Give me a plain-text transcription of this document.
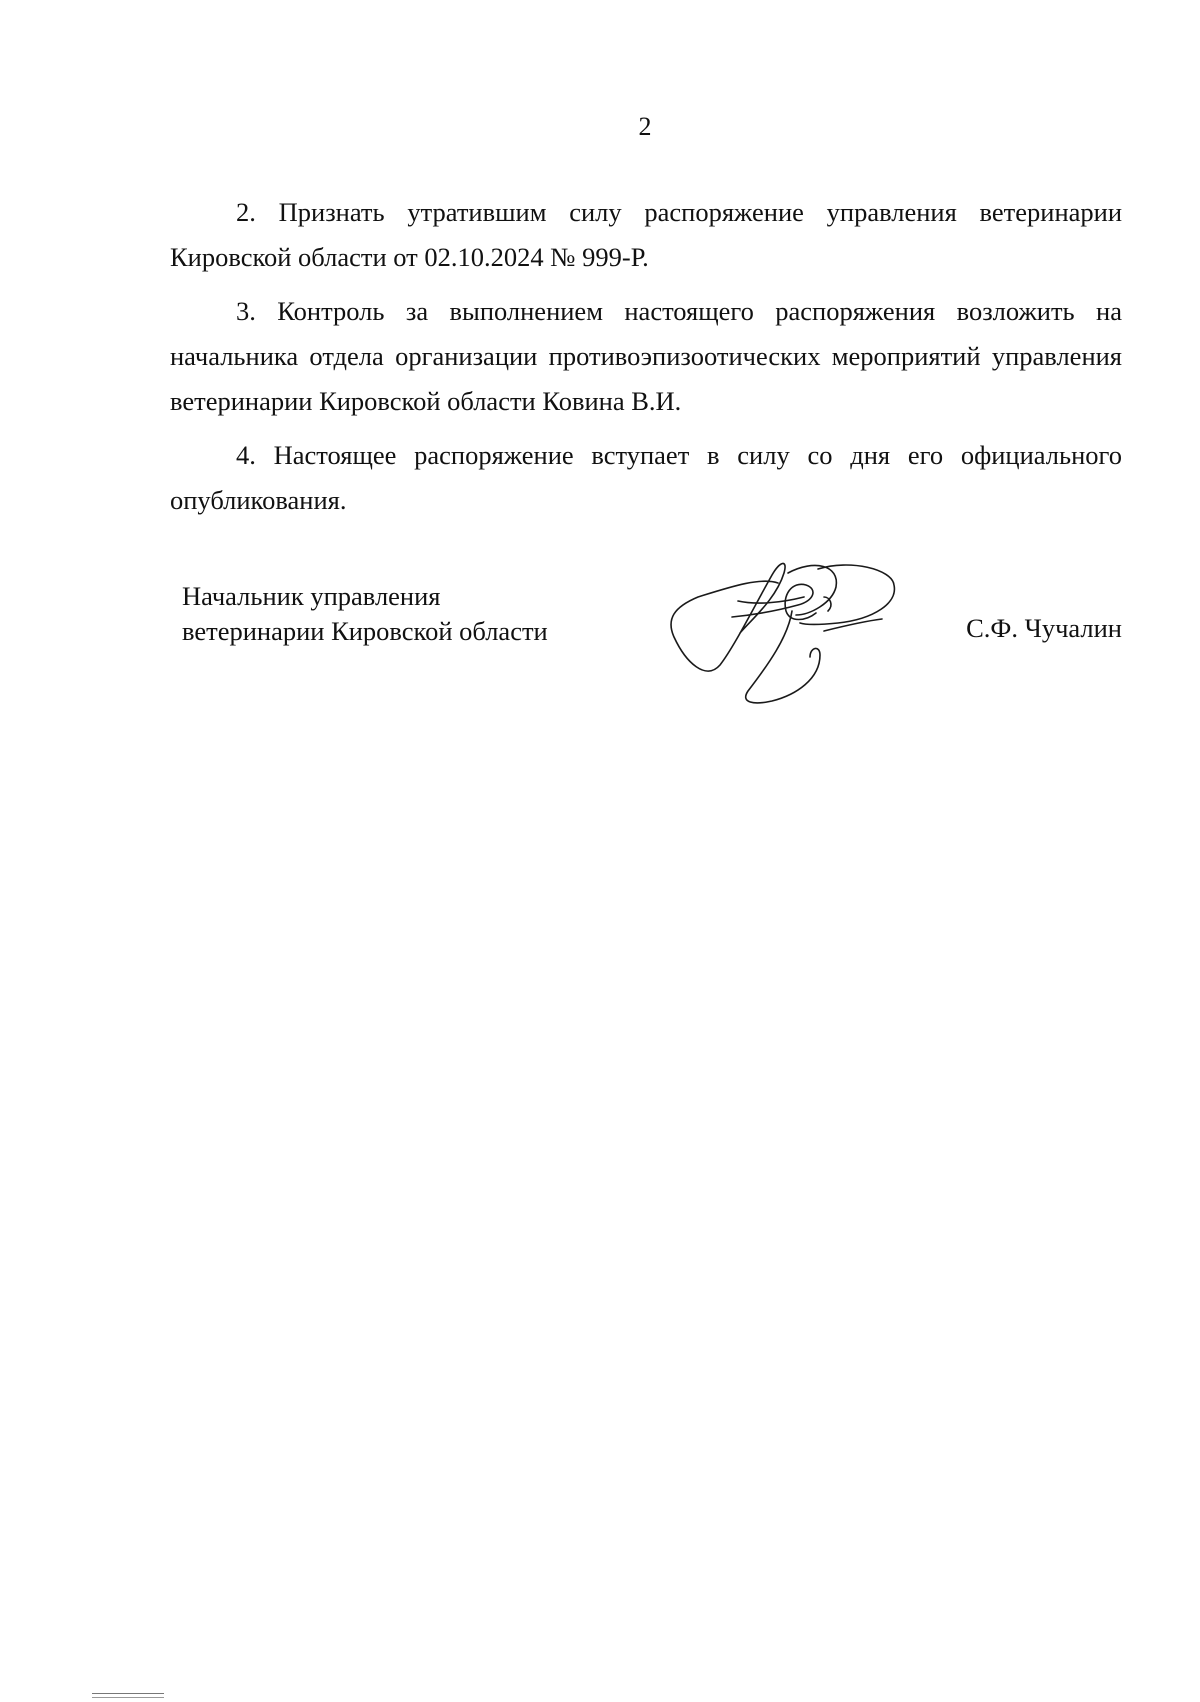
2

2. Признать утратившим силу распоряжение управления ветеринарии Кировской области от 02.10.2024 № 999-Р.

3. Контроль за выполнением настоящего распоряжения возложить на начальника отдела организации противоэпизоотических мероприятий управления ветеринарии Кировской области Ковина В.И.

4. Настоящее распоряжение вступает в силу со дня его официального опубликования.

Начальник управления
ветеринарии Кировской области	С.Ф. Чучалин
